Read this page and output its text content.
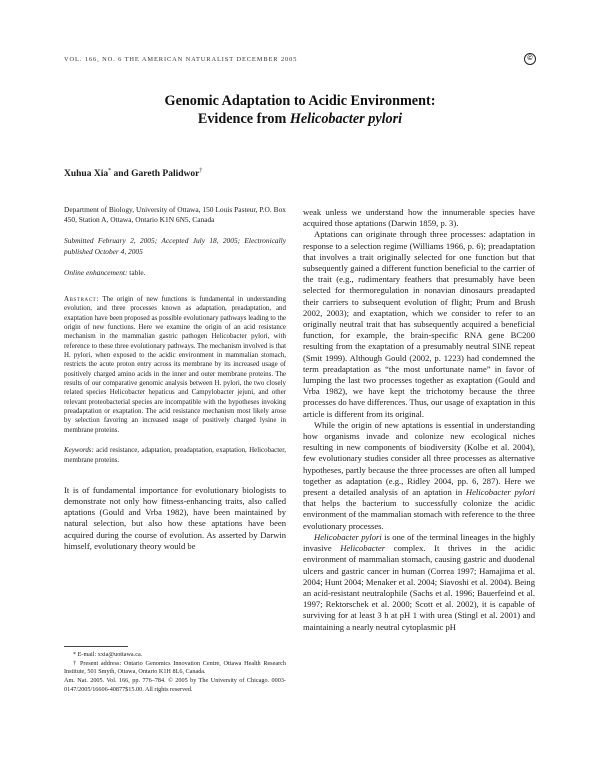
VOL. 166, NO. 6 THE AMERICAN NATURALIST DECEMBER 2005	©
Genomic Adaptation to Acidic Environment:
Evidence from Helicobacter pylori
Xuhua Xia* and Gareth Palidwor†

Department of Biology, University of Ottawa, 150 Louis Pasteur, P.O. Box 450, Station A, Ottawa, Ontario K1N 6N5, Canada

Submitted February 2, 2005; Accepted July 18, 2005; Electronically published October 4, 2005

Online enhancement: table.

Abstract: The origin of new functions is fundamental in understanding evolution, and three processes known as adaptation, preadaptation, and exaptation have been proposed as possible evolutionary pathways leading to the origin of new functions. Here we examine the origin of an acid resistance mechanism in the mammalian gastric pathogen Helicobacter pylori, with reference to these three evolutionary pathways. The mechanism involved is that H. pylori, when exposed to the acidic environment in mammalian stomach, restricts the acute proton entry across its membrane by its increased usage of positively charged amino acids in the inner and outer membrane proteins. The results of our comparative genomic analysis between H. pylori, the two closely related species Helicobacter hepaticus and Campylobacter jejuni, and other relevant proteobacterial species are incompatible with the hypotheses invoking preadaptation or exaptation. The acid resistance mechanism most likely arose by selection favoring an increased usage of positively charged lysine in membrane proteins.

Keywords: acid resistance, adaptation, preadaptation, exaptation, Helicobacter, membrane proteins.

It is of fundamental importance for evolutionary biologists to demonstrate not only how fitness-enhancing traits, also called aptations (Gould and Vrba 1982), have been maintained by natural selection, but also how these aptations have been acquired during the course of evolution. As asserted by Darwin himself, evolutionary theory would be

* E-mail: xxia@uottawa.ca.

† Present address: Ontario Genomics Innovation Centre, Ottawa Health Research Institute, 501 Smyth, Ottawa, Ontario K1H 8L6, Canada.

Am. Nat. 2005. Vol. 166, pp. 776–784. © 2005 by The University of Chicago. 0003-0147/2005/16606-40877$15.00. All rights reserved.

weak unless we understand how the innumerable species have acquired those aptations (Darwin 1859, p. 3).

Aptations can originate through three processes: adaptation in response to a selection regime (Williams 1966, p. 6); preadaptation that involves a trait originally selected for one function but that subsequently gained a different function beneficial to the carrier of the trait (e.g., rudimentary feathers that presumably have been selected for thermoregulation in nonavian dinosaurs preadapted their carriers to subsequent evolution of flight; Prum and Brush 2002, 2003); and exaptation, which we consider to refer to an originally neutral trait that has subsequently acquired a beneficial function, for example, the brain-specific RNA gene BC200 resulting from the exaptation of a presumably neutral SINE repeat (Smit 1999). Although Gould (2002, p. 1223) had condemned the term preadaptation as “the most unfortunate name” in favor of lumping the last two processes together as exaptation (Gould and Vrba 1982), we have kept the trichotomy because the three processes do have differences. Thus, our usage of exaptation in this article is different from its original.

While the origin of new aptations is essential in understanding how organisms invade and colonize new ecological niches resulting in new components of biodiversity (Kolbe et al. 2004), few evolutionary studies consider all three processes as alternative hypotheses, partly because the three processes are often all lumped together as adaptation (e.g., Ridley 2004, pp. 6, 287). Here we present a detailed analysis of an aptation in Helicobacter pylori that helps the bacterium to successfully colonize the acidic environment of the mammalian stomach with reference to the three evolutionary processes.

Helicobacter pylori is one of the terminal lineages in the highly invasive Helicobacter complex. It thrives in the acidic environment of mammalian stomach, causing gastric and duodenal ulcers and gastric cancer in human (Correa 1997; Hamajima et al. 2004; Hunt 2004; Menaker et al. 2004; Siavoshi et al. 2004). Being an acid-resistant neutralophile (Sachs et al. 1996; Bauerfeind et al. 1997; Rektorschek et al. 2000; Scott et al. 2002), it is capable of surviving for at least 3 h at pH 1 with urea (Stingl et al. 2001) and maintaining a nearly neutral cytoplasmic pH
